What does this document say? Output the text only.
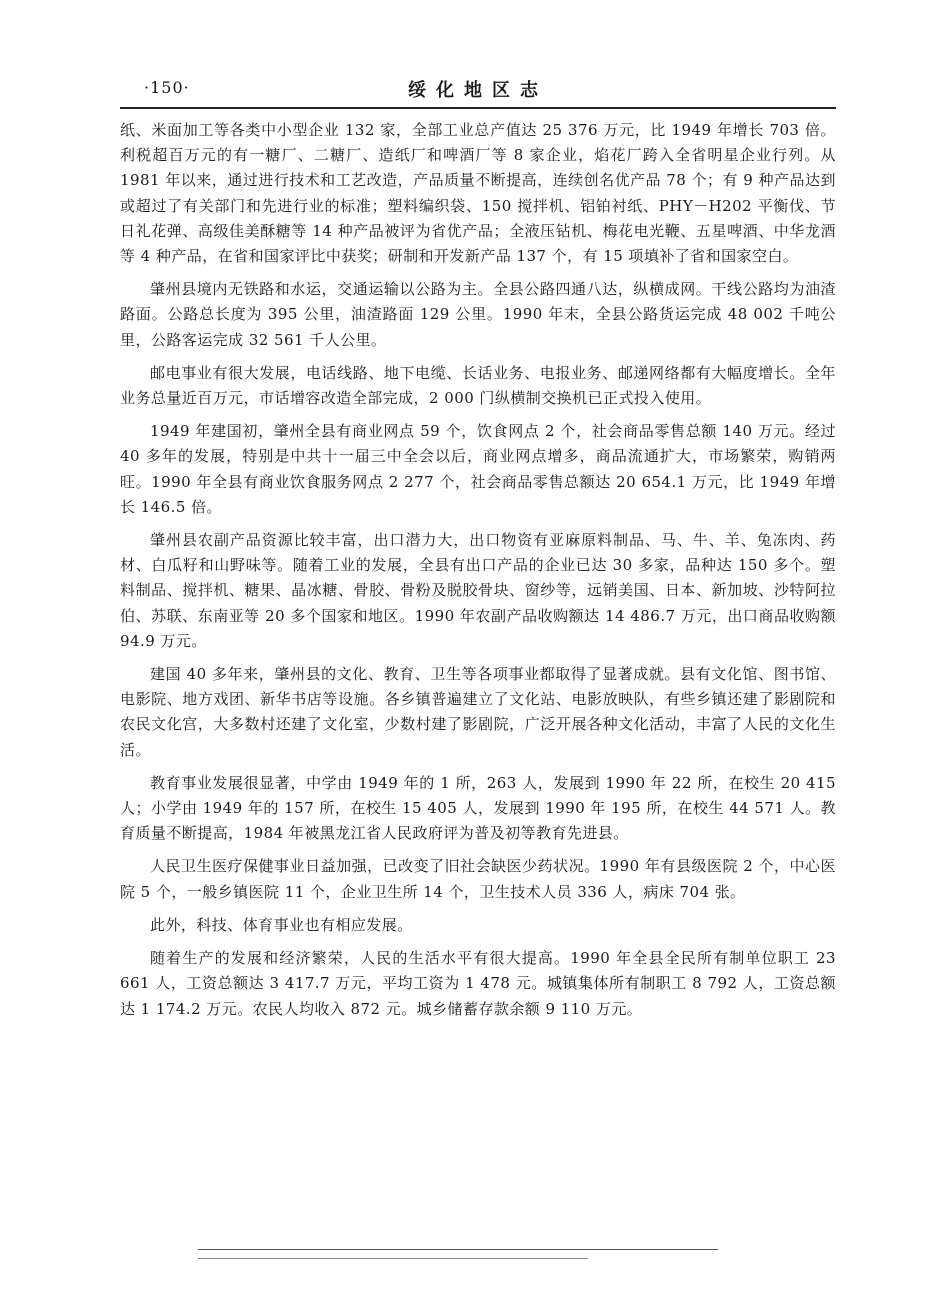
·150·	绥化地区志

纸、米面加工等各类中小型企业 132 家，全部工业总产值达 25 376 万元，比 1949 年增长 703 倍。利税超百万元的有一糖厂、二糖厂、造纸厂和啤酒厂等 8 家企业，焰花厂跨入全省明星企业行列。从 1981 年以来，通过进行技术和工艺改造，产品质量不断提高，连续创名优产品 78 个；有 9 种产品达到或超过了有关部门和先进行业的标准；塑料编织袋、150 搅拌机、铝铂衬纸、PHY－H202 平衡伐、节日礼花弹、高级佳美酥糖等 14 种产品被评为省优产品；全液压钻机、梅花电光鞭、五星啤酒、中华龙酒等 4 种产品，在省和国家评比中获奖；研制和开发新产品 137 个，有 15 项填补了省和国家空白。

肇州县境内无铁路和水运，交通运输以公路为主。全县公路四通八达，纵横成网。干线公路均为油渣路面。公路总长度为 395 公里，油渣路面 129 公里。1990 年末，全县公路货运完成 48 002 千吨公里，公路客运完成 32 561 千人公里。

邮电事业有很大发展，电话线路、地下电缆、长话业务、电报业务、邮递网络都有大幅度增长。全年业务总量近百万元，市话增容改造全部完成，2 000 门纵横制交换机已正式投入使用。

1949 年建国初，肇州全县有商业网点 59 个，饮食网点 2 个，社会商品零售总额 140 万元。经过 40 多年的发展，特别是中共十一届三中全会以后，商业网点增多，商品流通扩大，市场繁荣，购销两旺。1990 年全县有商业饮食服务网点 2 277 个，社会商品零售总额达 20 654.1 万元，比 1949 年增长 146.5 倍。

肇州县农副产品资源比较丰富，出口潜力大，出口物资有亚麻原料制品、马、牛、羊、兔冻肉、药材、白瓜籽和山野味等。随着工业的发展，全县有出口产品的企业已达 30 多家，品种达 150 多个。塑料制品、搅拌机、糖果、晶冰糖、骨胶、骨粉及脱胶骨块、窗纱等，远销美国、日本、新加坡、沙特阿拉伯、苏联、东南亚等 20 多个国家和地区。1990 年农副产品收购额达 14 486.7 万元，出口商品收购额 94.9 万元。

建国 40 多年来，肇州县的文化、教育、卫生等各项事业都取得了显著成就。县有文化馆、图书馆、电影院、地方戏团、新华书店等设施。各乡镇普遍建立了文化站、电影放映队，有些乡镇还建了影剧院和农民文化宫，大多数村还建了文化室，少数村建了影剧院，广泛开展各种文化活动，丰富了人民的文化生活。

教育事业发展很显著，中学由 1949 年的 1 所，263 人，发展到 1990 年 22 所，在校生 20 415 人；小学由 1949 年的 157 所，在校生 15 405 人，发展到 1990 年 195 所，在校生 44 571 人。教育质量不断提高，1984 年被黑龙江省人民政府评为普及初等教育先进县。

人民卫生医疗保健事业日益加强，已改变了旧社会缺医少药状况。1990 年有县级医院 2 个，中心医院 5 个，一般乡镇医院 11 个，企业卫生所 14 个，卫生技术人员 336 人，病床 704 张。

此外，科技、体育事业也有相应发展。

随着生产的发展和经济繁荣，人民的生活水平有很大提高。1990 年全县全民所有制单位职工 23 661 人，工资总额达 3 417.7 万元，平均工资为 1 478 元。城镇集体所有制职工 8 792 人，工资总额达 1 174.2 万元。农民人均收入 872 元。城乡储蓄存款余额 9 110 万元。
